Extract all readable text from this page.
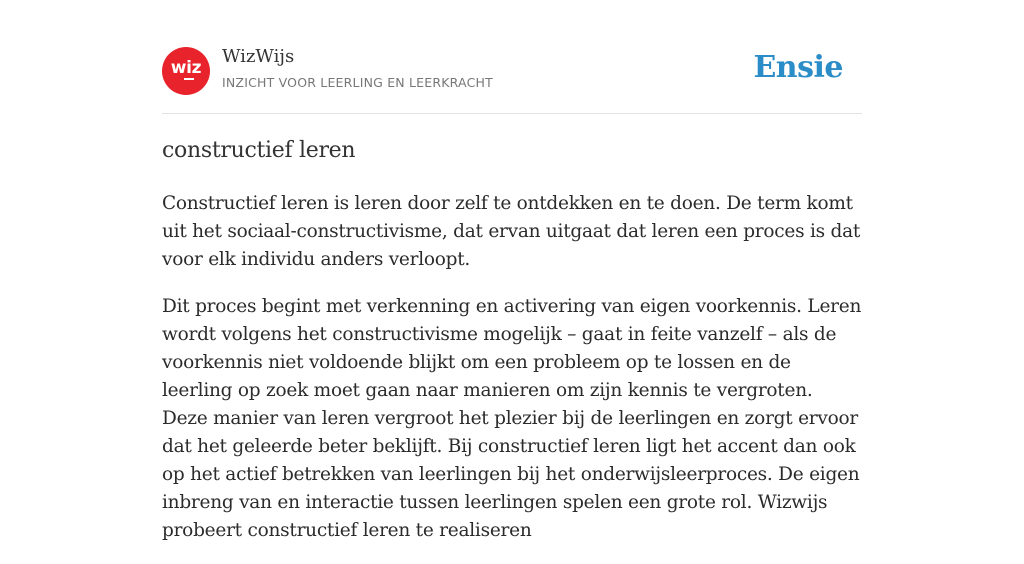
wiz
WizWijs
INZICHT VOOR LEERLING EN LEERKRACHT	Ensie
constructief leren

Constructief leren is leren door zelf te ontdekken en te doen. De term komt uit het sociaal-constructivisme, dat ervan uitgaat dat leren een proces is dat voor elk individu anders verloopt.

Dit proces begint met verkenning en activering van eigen voorkennis. Leren wordt volgens het constructivisme mogelijk – gaat in feite vanzelf – als de voorkennis niet voldoende blijkt om een probleem op te lossen en de leerling op zoek moet gaan naar manieren om zijn kennis te vergroten. Deze manier van leren vergroot het plezier bij de leerlingen en zorgt ervoor dat het geleerde beter beklijft. Bij constructief leren ligt het accent dan ook op het actief betrekken van leerlingen bij het onderwijsleerproces. De eigen inbreng van en interactie tussen leerlingen spelen een grote rol. Wizwijs probeert constructief leren te realiseren
